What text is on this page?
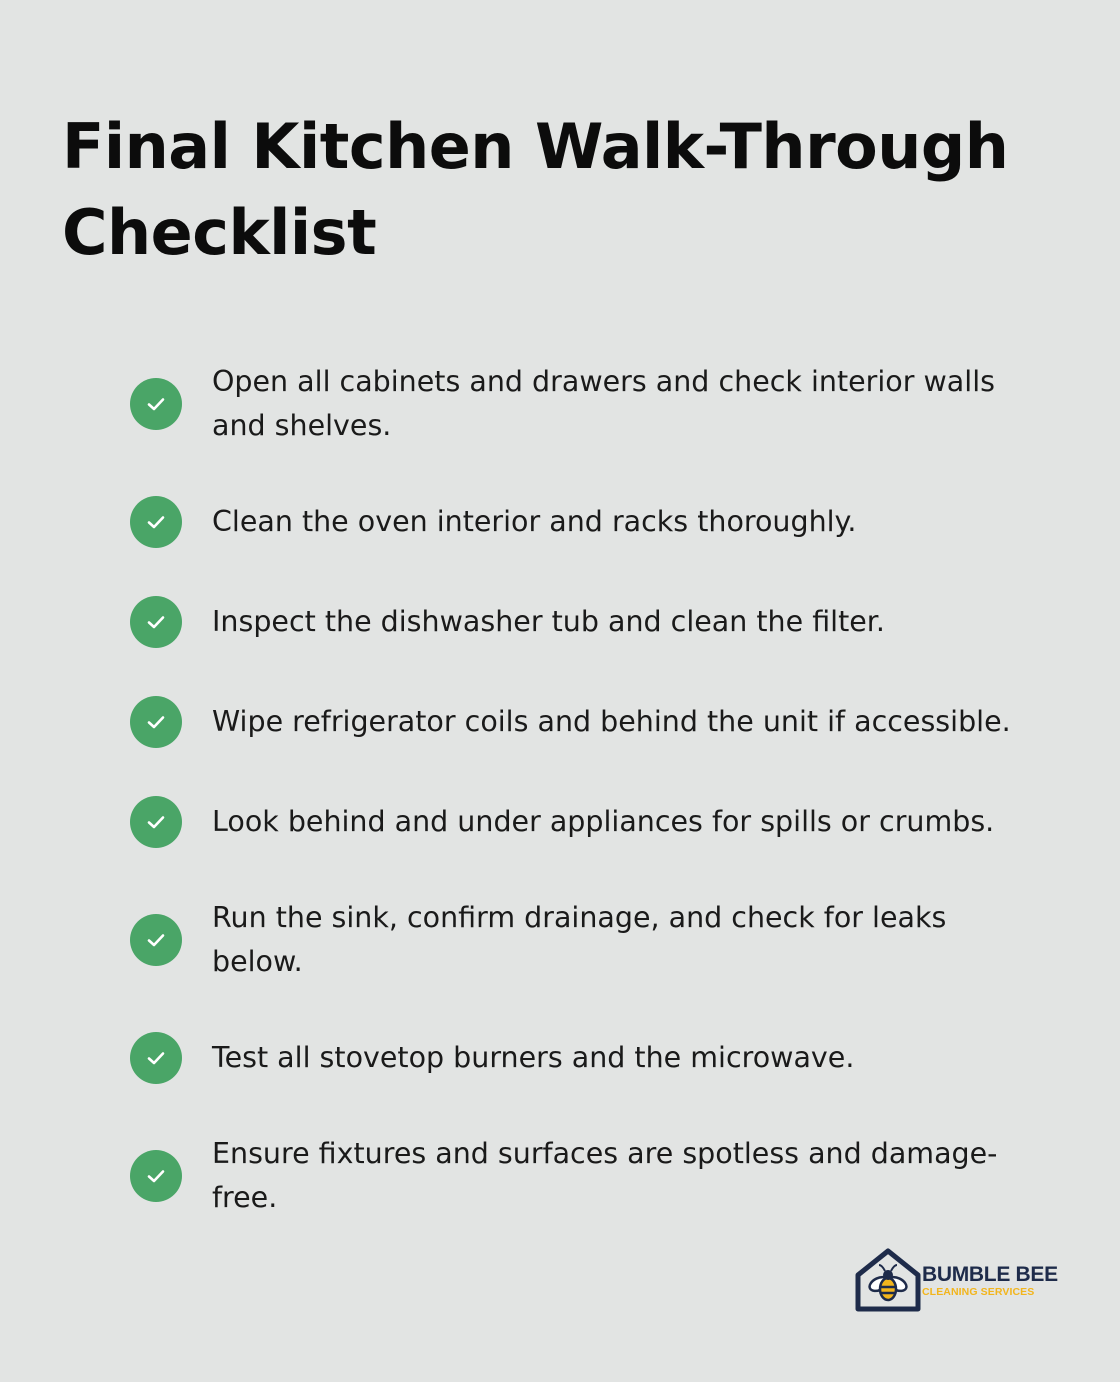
Final Kitchen Walk-Through Checklist
Open all cabinets and drawers and check interior walls and shelves.
Clean the oven interior and racks thoroughly.
Inspect the dishwasher tub and clean the filter.
Wipe refrigerator coils and behind the unit if accessible.
Look behind and under appliances for spills or crumbs.
Run the sink, confirm drainage, and check for leaks below.
Test all stovetop burners and the microwave.
Ensure fixtures and surfaces are spotless and damage-free.
BUMBLE BEE
CLEANING SERVICES
